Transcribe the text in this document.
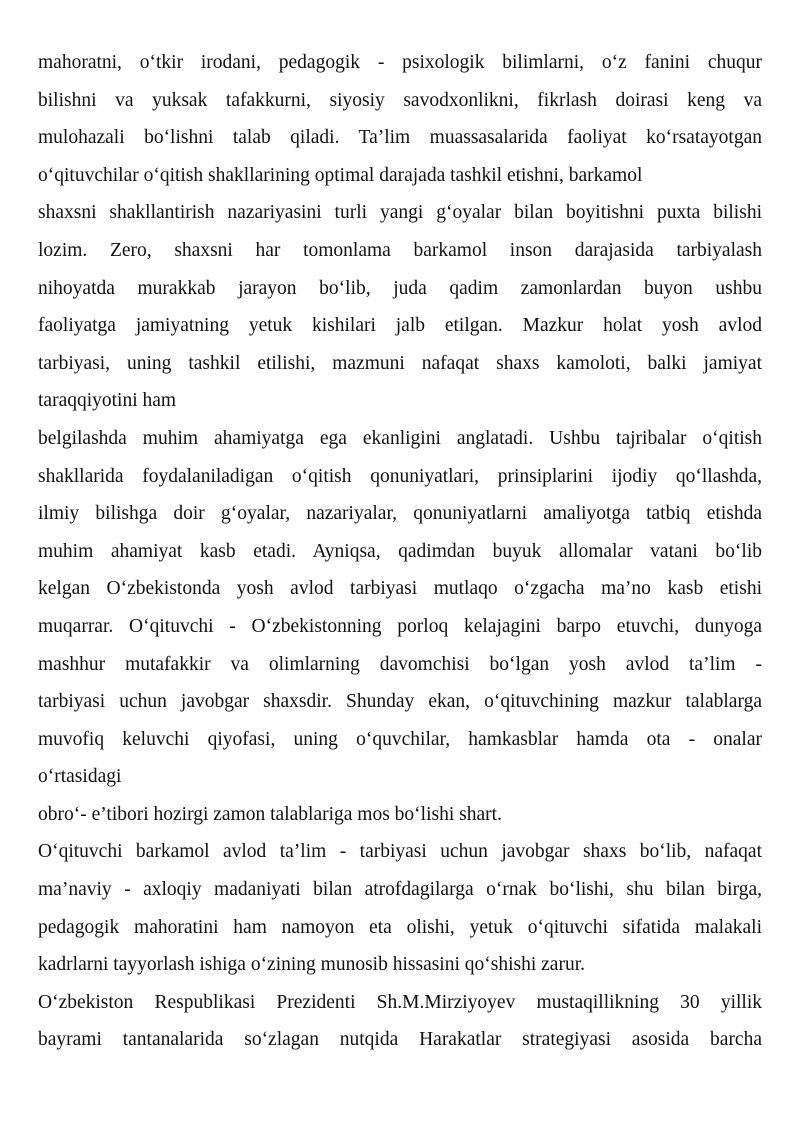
mahoratni, o‘tkir irodani, pedagogik - psixologik bilimlarni, o‘z fanini chuqur
bilishni va yuksak tafakkurni, siyosiy savodxonlikni, fikrlash doirasi keng va
mulohazali bo‘lishni talab qiladi. Ta’lim muassasalarida faoliyat ko‘rsatayotgan
o‘qituvchilar o‘qitish shakllarining optimal darajada tashkil etishni, barkamol
shaxsni shakllantirish nazariyasini turli yangi g‘oyalar bilan boyitishni puxta bilishi
lozim. Zero, shaxsni har tomonlama barkamol inson darajasida tarbiyalash
nihoyatda murakkab jarayon bo‘lib, juda qadim zamonlardan buyon ushbu
faoliyatga jamiyatning yetuk kishilari jalb etilgan. Mazkur holat yosh avlod
tarbiyasi, uning tashkil etilishi, mazmuni nafaqat shaxs kamoloti, balki jamiyat
taraqqiyotini ham
belgilashda muhim ahamiyatga ega ekanligini anglatadi. Ushbu tajribalar o‘qitish
shakllarida foydalaniladigan o‘qitish qonuniyatlari, prinsiplarini ijodiy qo‘llashda,
ilmiy bilishga doir g‘oyalar, nazariyalar, qonuniyatlarni amaliyotga tatbiq etishda
muhim ahamiyat kasb etadi. Ayniqsa, qadimdan buyuk allomalar vatani bo‘lib
kelgan O‘zbekistonda yosh avlod tarbiyasi mutlaqo o‘zgacha ma’no kasb etishi
muqarrar. O‘qituvchi - O‘zbekistonning porloq kelajagini barpo etuvchi, dunyoga
mashhur mutafakkir va olimlarning davomchisi bo‘lgan yosh avlod ta’lim -
tarbiyasi uchun javobgar shaxsdir. Shunday ekan, o‘qituvchining mazkur talablarga
muvofiq keluvchi qiyofasi, uning o‘quvchilar, hamkasblar hamda ota - onalar
o‘rtasidagi
obro‘- e’tibori hozirgi zamon talablariga mos bo‘lishi shart.
O‘qituvchi barkamol avlod ta’lim - tarbiyasi uchun javobgar shaxs bo‘lib, nafaqat
ma’naviy - axloqiy madaniyati bilan atrofdagilarga o‘rnak bo‘lishi, shu bilan birga,
pedagogik mahoratini ham namoyon eta olishi, yetuk o‘qituvchi sifatida malakali
kadrlarni tayyorlash ishiga o‘zining munosib hissasini qo‘shishi zarur.
O‘zbekiston Respublikasi Prezidenti Sh.M.Mirziyoyev mustaqillikning 30 yillik
bayrami tantanalarida so‘zlagan nutqida Harakatlar strategiyasi asosida barcha
